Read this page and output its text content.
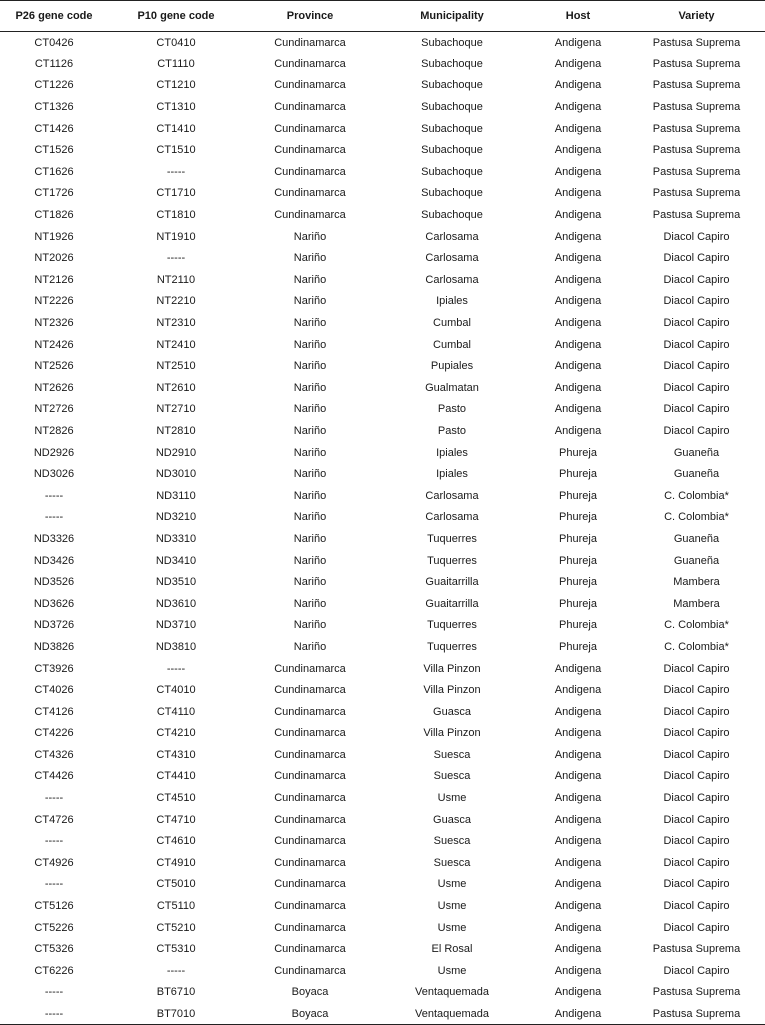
P26 gene code	P10 gene code	Province	Municipality	Host	Variety
CT0426	CT0410	Cundinamarca	Subachoque	Andigena	Pastusa Suprema
CT1126	CT1110	Cundinamarca	Subachoque	Andigena	Pastusa Suprema
CT1226	CT1210	Cundinamarca	Subachoque	Andigena	Pastusa Suprema
CT1326	CT1310	Cundinamarca	Subachoque	Andigena	Pastusa Suprema
CT1426	CT1410	Cundinamarca	Subachoque	Andigena	Pastusa Suprema
CT1526	CT1510	Cundinamarca	Subachoque	Andigena	Pastusa Suprema
CT1626	-----	Cundinamarca	Subachoque	Andigena	Pastusa Suprema
CT1726	CT1710	Cundinamarca	Subachoque	Andigena	Pastusa Suprema
CT1826	CT1810	Cundinamarca	Subachoque	Andigena	Pastusa Suprema
NT1926	NT1910	Nariño	Carlosama	Andigena	Diacol Capiro
NT2026	-----	Nariño	Carlosama	Andigena	Diacol Capiro
NT2126	NT2110	Nariño	Carlosama	Andigena	Diacol Capiro
NT2226	NT2210	Nariño	Ipiales	Andigena	Diacol Capiro
NT2326	NT2310	Nariño	Cumbal	Andigena	Diacol Capiro
NT2426	NT2410	Nariño	Cumbal	Andigena	Diacol Capiro
NT2526	NT2510	Nariño	Pupiales	Andigena	Diacol Capiro
NT2626	NT2610	Nariño	Gualmatan	Andigena	Diacol Capiro
NT2726	NT2710	Nariño	Pasto	Andigena	Diacol Capiro
NT2826	NT2810	Nariño	Pasto	Andigena	Diacol Capiro
ND2926	ND2910	Nariño	Ipiales	Phureja	Guaneña
ND3026	ND3010	Nariño	Ipiales	Phureja	Guaneña
-----	ND3110	Nariño	Carlosama	Phureja	C. Colombia*
-----	ND3210	Nariño	Carlosama	Phureja	C. Colombia*
ND3326	ND3310	Nariño	Tuquerres	Phureja	Guaneña
ND3426	ND3410	Nariño	Tuquerres	Phureja	Guaneña
ND3526	ND3510	Nariño	Guaitarrilla	Phureja	Mambera
ND3626	ND3610	Nariño	Guaitarrilla	Phureja	Mambera
ND3726	ND3710	Nariño	Tuquerres	Phureja	C. Colombia*
ND3826	ND3810	Nariño	Tuquerres	Phureja	C. Colombia*
CT3926	-----	Cundinamarca	Villa Pinzon	Andigena	Diacol Capiro
CT4026	CT4010	Cundinamarca	Villa Pinzon	Andigena	Diacol Capiro
CT4126	CT4110	Cundinamarca	Guasca	Andigena	Diacol Capiro
CT4226	CT4210	Cundinamarca	Villa Pinzon	Andigena	Diacol Capiro
CT4326	CT4310	Cundinamarca	Suesca	Andigena	Diacol Capiro
CT4426	CT4410	Cundinamarca	Suesca	Andigena	Diacol Capiro
-----	CT4510	Cundinamarca	Usme	Andigena	Diacol Capiro
CT4726	CT4710	Cundinamarca	Guasca	Andigena	Diacol Capiro
-----	CT4610	Cundinamarca	Suesca	Andigena	Diacol Capiro
CT4926	CT4910	Cundinamarca	Suesca	Andigena	Diacol Capiro
-----	CT5010	Cundinamarca	Usme	Andigena	Diacol Capiro
CT5126	CT5110	Cundinamarca	Usme	Andigena	Diacol Capiro
CT5226	CT5210	Cundinamarca	Usme	Andigena	Diacol Capiro
CT5326	CT5310	Cundinamarca	El Rosal	Andigena	Pastusa Suprema
CT6226	-----	Cundinamarca	Usme	Andigena	Diacol Capiro
-----	BT6710	Boyaca	Ventaquemada	Andigena	Pastusa Suprema
-----	BT7010	Boyaca	Ventaquemada	Andigena	Pastusa Suprema
